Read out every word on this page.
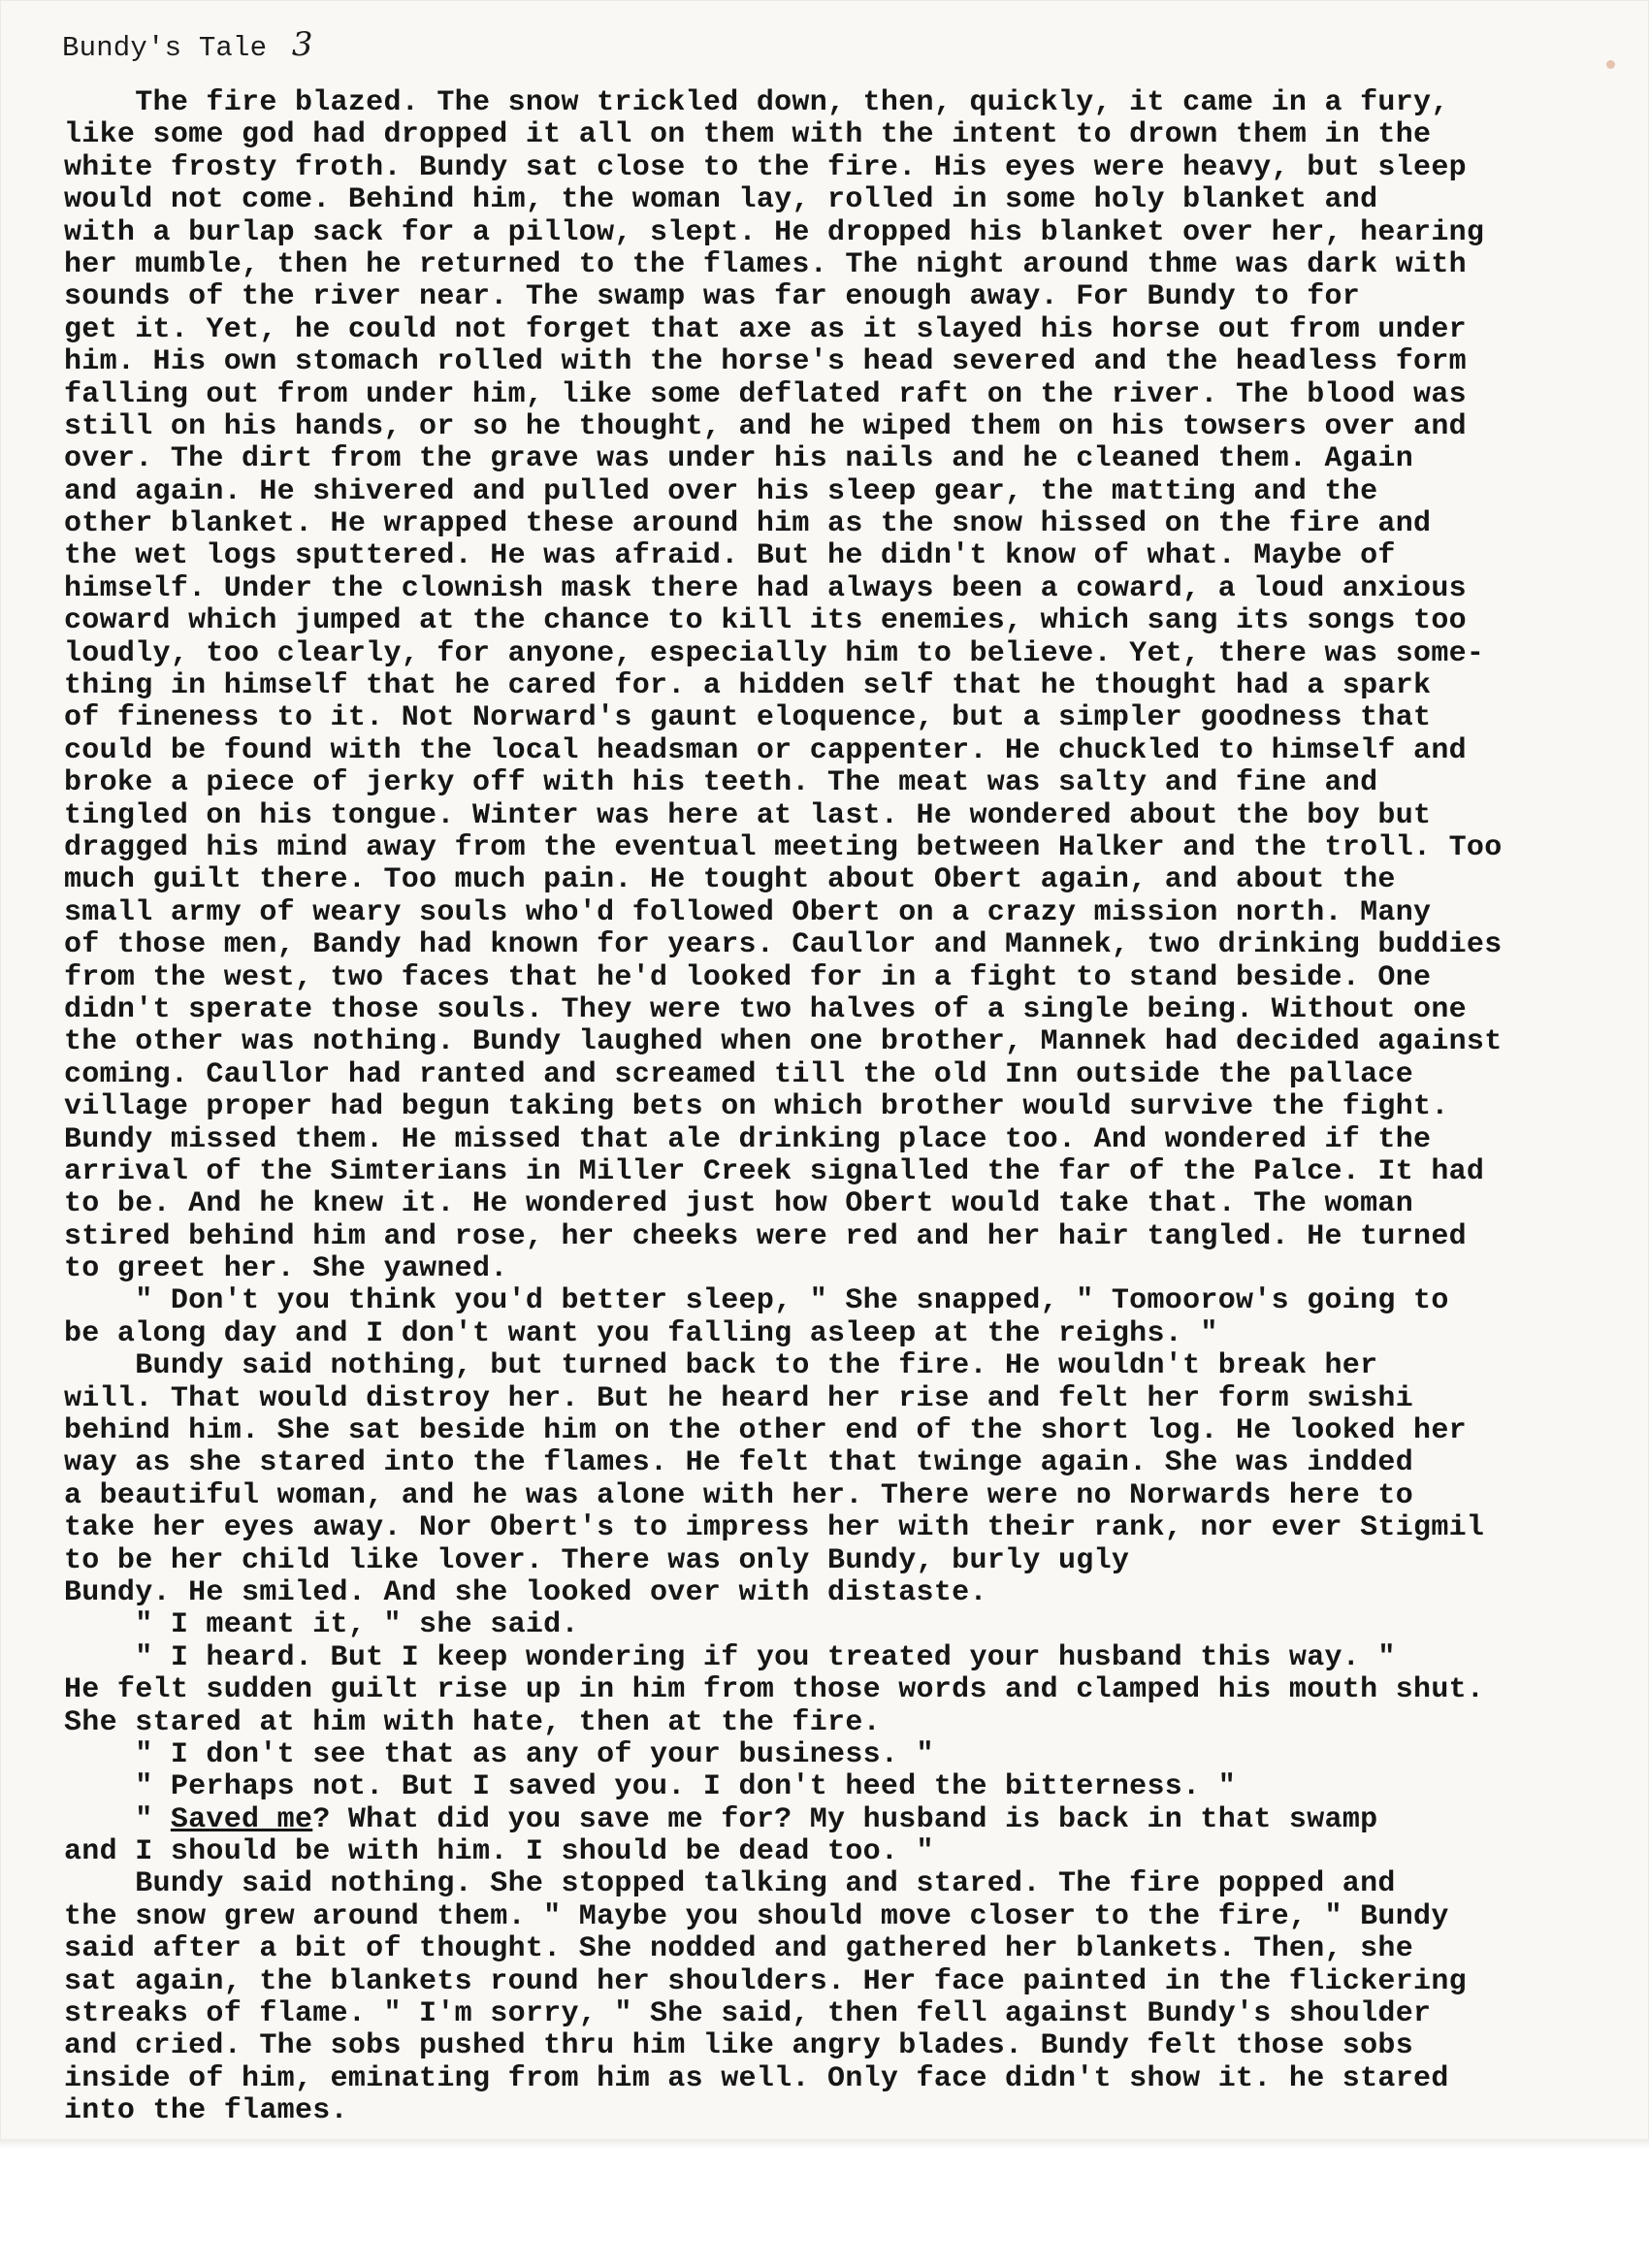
Bundy's Tale 3
The fire blazed. The snow trickled down, then, quickly, it came in a fury,
like some god had dropped it all on them with the intent to drown them in the
white frosty froth. Bundy sat close to the fire. His eyes were heavy, but sleep
would not come. Behind him, the woman lay, rolled in some holy blanket and
with a burlap sack for a pillow, slept. He dropped his blanket over her, hearing
her mumble, then he returned to the flames. The night around thme was dark with
sounds of the river near. The swamp was far enough away. For Bundy to for
get it. Yet, he could not forget that axe as it slayed his horse out from under
him. His own stomach rolled with the horse's head severed and the headless form
falling out from under him, like some deflated raft on the river. The blood was
still on his hands, or so he thought, and he wiped them on his towsers over and
over. The dirt from the grave was under his nails and he cleaned them. Again
and again. He shivered and pulled over his sleep gear, the matting and the
other blanket. He wrapped these around him as the snow hissed on the fire and
the wet logs sputtered. He was afraid. But he didn't know of what. Maybe of
himself. Under the clownish mask there had always been a coward, a loud anxious
coward which jumped at the chance to kill its enemies, which sang its songs too
loudly, too clearly, for anyone, especially him to believe. Yet, there was some-
thing in himself that he cared for. a hidden self that he thought had a spark
of fineness to it. Not Norward's gaunt eloquence, but a simpler goodness that
could be found with the local headsman or cappenter. He chuckled to himself and
broke a piece of jerky off with his teeth. The meat was salty and fine and
tingled on his tongue. Winter was here at last. He wondered about the boy but
dragged his mind away from the eventual meeting between Halker and the troll. Too
much guilt there. Too much pain. He tought about Obert again, and about the
small army of weary souls who'd followed Obert on a crazy mission north. Many
of those men, Bandy had known for years. Caullor and Mannek, two drinking buddies
from the west, two faces that he'd looked for in a fight to stand beside. One
didn't sperate those souls. They were two halves of a single being. Without one
the other was nothing. Bundy laughed when one brother, Mannek had decided against
coming. Caullor had ranted and screamed till the old Inn outside the pallace
village proper had begun taking bets on which brother would survive the fight.
Bundy missed them. He missed that ale drinking place too. And wondered if the
arrival of the Simterians in Miller Creek signalled the far of the Palce. It had
to be. And he knew it. He wondered just how Obert would take that. The woman
stired behind him and rose, her cheeks were red and her hair tangled. He turned
to greet her. She yawned.
" Don't you think you'd better sleep, " She snapped, " Tomoorow's going to
be along day and I don't want you falling asleep at the reighs. "
Bundy said nothing, but turned back to the fire. He wouldn't break her
will. That would distroy her. But he heard her rise and felt her form swishi
behind him. She sat beside him on the other end of the short log. He looked her
way as she stared into the flames. He felt that twinge again. She was indded
a beautiful woman, and he was alone with her. There were no Norwards here to
take her eyes away. Nor Obert's to impress her with their rank, nor ever Stigmil
to be her child like lover. There was only Bundy, burly ugly
Bundy. He smiled. And she looked over with distaste.
" I meant it, " she said.
" I heard. But I keep wondering if you treated your husband this way. "
He felt sudden guilt rise up in him from those words and clamped his mouth shut.
She stared at him with hate, then at the fire.
" I don't see that as any of your business. "
" Perhaps not. But I saved you. I don't heed the bitterness. "
" Saved me? What did you save me for? My husband is back in that swamp
and I should be with him. I should be dead too. "
Bundy said nothing. She stopped talking and stared. The fire popped and
the snow grew around them. " Maybe you should move closer to the fire, " Bundy
said after a bit of thought. She nodded and gathered her blankets. Then, she
sat again, the blankets round her shoulders. Her face painted in the flickering
streaks of flame. " I'm sorry, " She said, then fell against Bundy's shoulder
and cried. The sobs pushed thru him like angry blades. Bundy felt those sobs
inside of him, eminating from him as well. Only face didn't show it. he stared
into the flames.
